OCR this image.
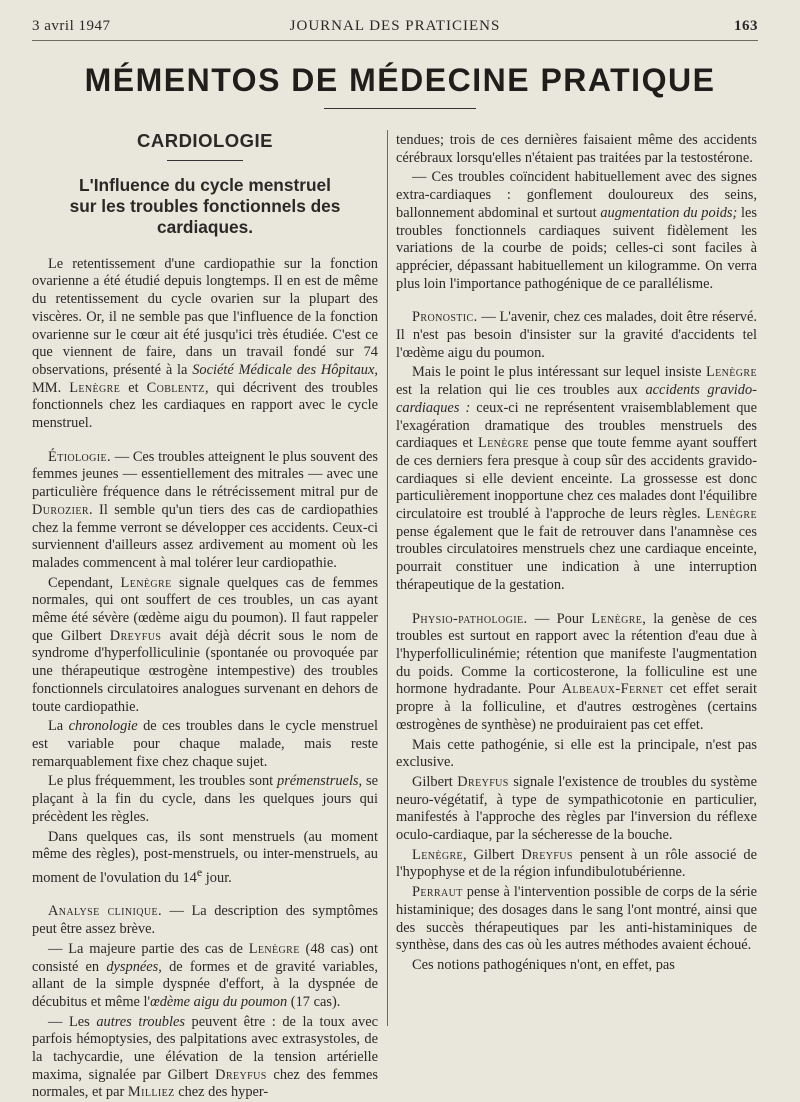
3 avril 1947	JOURNAL DES PRATICIENS	163
MÉMENTOS DE MÉDECINE PRATIQUE
CARDIOLOGIE
L'Influence du cycle menstruel
sur les troubles fonctionnels des cardiaques.

Le retentissement d'une cardiopathie sur la fonction ovarienne a été étudié depuis longtemps. Il en est de même du retentissement du cycle ovarien sur la plupart des viscères. Or, il ne semble pas que l'influence de la fonction ovarienne sur le cœur ait été jusqu'ici très étudiée. C'est ce que viennent de faire, dans un travail fondé sur 74 observations, présenté à la Société Médicale des Hôpitaux, MM. Lenègre et Coblentz, qui décrivent des troubles fonctionnels chez les cardiaques en rapport avec le cycle menstruel.

Étiologie. — Ces troubles atteignent le plus souvent des femmes jeunes — essentiellement des mitrales — avec une particulière fréquence dans le rétrécissement mitral pur de Durozier. Il semble qu'un tiers des cas de cardiopathies chez la femme verront se développer ces accidents. Ceux-ci surviennent d'ailleurs assez ardivement au moment où les malades commencent à mal tolérer leur cardiopathie.

Cependant, Lenègre signale quelques cas de femmes normales, qui ont souffert de ces troubles, un cas ayant même été sévère (œdème aigu du poumon). Il faut rappeler que Gilbert Dreyfus avait déjà décrit sous le nom de syndrome d'hyperfolliculinie (spontanée ou provoquée par une thérapeutique œstrogène intempestive) des troubles fonctionnels circulatoires analogues survenant en dehors de toute cardiopathie.

La chronologie de ces troubles dans le cycle menstruel est variable pour chaque malade, mais reste remarquablement fixe chez chaque sujet.

Le plus fréquemment, les troubles sont prémenstruels, se plaçant à la fin du cycle, dans les quelques jours qui précèdent les règles.

Dans quelques cas, ils sont menstruels (au moment même des règles), post-menstruels, ou inter-menstruels, au moment de l'ovulation du 14e jour.

Analyse clinique. — La description des symptômes peut être assez brève.

— La majeure partie des cas de Lenègre (48 cas) ont consisté en dyspnées, de formes et de gravité variables, allant de la simple dyspnée d'effort, à la dyspnée de décubitus et même l'œdème aigu du poumon (17 cas).

— Les autres troubles peuvent être : de la toux avec parfois hémoptysies, des palpitations avec extrasystoles, de la tachycardie, une élévation de la tension artérielle maxima, signalée par Gilbert Dreyfus chez des femmes normales, et par Milliez chez des hyper-

tendues; trois de ces dernières faisaient même des accidents cérébraux lorsqu'elles n'étaient pas traitées par la testostérone.

— Ces troubles coïncident habituellement avec des signes extra-cardiaques : gonflement douloureux des seins, ballonnement abdominal et surtout augmentation du poids; les troubles fonctionnels cardiaques suivent fidèlement les variations de la courbe de poids; celles-ci sont faciles à apprécier, dépassant habituellement un kilogramme. On verra plus loin l'importance pathogénique de ce parallélisme.

Pronostic. — L'avenir, chez ces malades, doit être réservé. Il n'est pas besoin d'insister sur la gravité d'accidents tel l'œdème aigu du poumon.

Mais le point le plus intéressant sur lequel insiste Lenègre est la relation qui lie ces troubles aux accidents gravido-cardiaques : ceux-ci ne représentent vraisemblablement que l'exagération dramatique des troubles menstruels des cardiaques et Lenègre pense que toute femme ayant souffert de ces derniers fera presque à coup sûr des accidents gravido-cardiaques si elle devient enceinte. La grossesse est donc particulièrement inopportune chez ces malades dont l'équilibre circulatoire est troublé à l'approche de leurs règles. Lenègre pense également que le fait de retrouver dans l'anamnèse ces troubles circulatoires menstruels chez une cardiaque enceinte, pourrait constituer une indication à une interruption thérapeutique de la gestation.

Physio-pathologie. — Pour Lenègre, la genèse de ces troubles est surtout en rapport avec la rétention d'eau due à l'hyperfolliculinémie; rétention que manifeste l'augmentation du poids. Comme la corticosterone, la folliculine est une hormone hydradante. Pour Albeaux-Fernet cet effet serait propre à la folliculine, et d'autres œstrogènes (certains œstrogènes de synthèse) ne produiraient pas cet effet.

Mais cette pathogénie, si elle est la principale, n'est pas exclusive.

Gilbert Dreyfus signale l'existence de troubles du système neuro-végétatif, à type de sympathicotonie en particulier, manifestés à l'approche des règles par l'inversion du réflexe oculo-cardiaque, par la sécheresse de la bouche.

Lenègre, Gilbert Dreyfus pensent à un rôle associé de l'hypophyse et de la région infundibulotubérienne.

Perraut pense à l'intervention possible de corps de la série histaminique; des dosages dans le sang l'ont montré, ainsi que des succès thérapeutiques par les anti-histaminiques de synthèse, dans des cas où les autres méthodes avaient échoué.

Ces notions pathogéniques n'ont, en effet, pas
